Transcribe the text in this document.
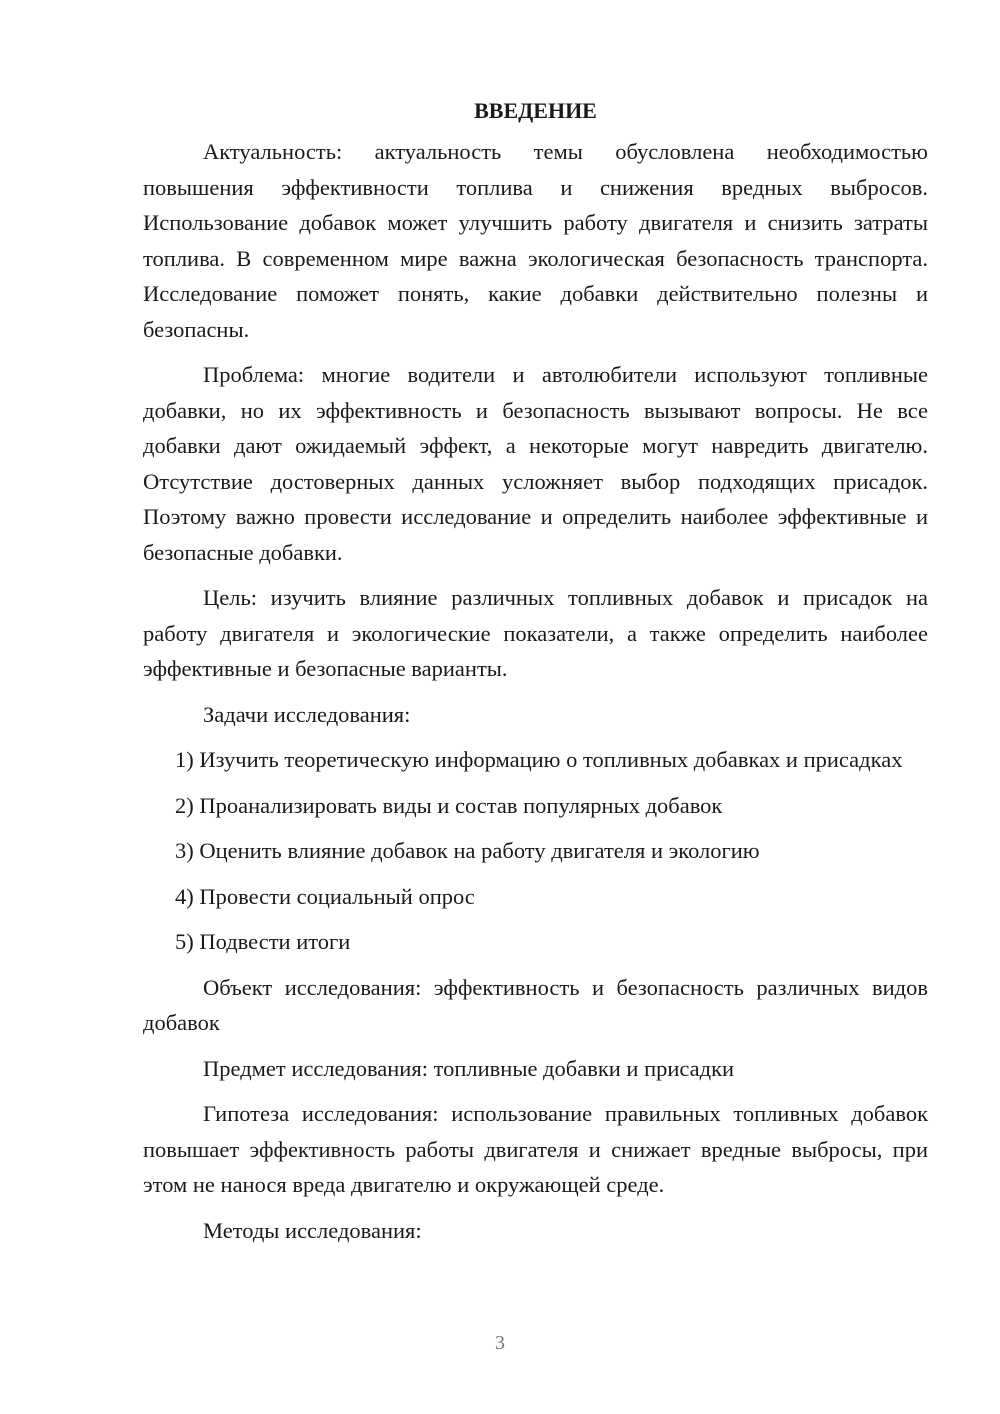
ВВЕДЕНИЕ

Актуальность: актуальность темы обусловлена необходимостью повышения эффективности топлива и снижения вредных выбросов. Использование добавок может улучшить работу двигателя и снизить затраты топлива. В современном мире важна экологическая безопасность транспорта. Исследование поможет понять, какие добавки действительно полезны и безопасны.

Проблема: многие водители и автолюбители используют топливные добавки, но их эффективность и безопасность вызывают вопросы. Не все добавки дают ожидаемый эффект, а некоторые могут навредить двигателю. Отсутствие достоверных данных усложняет выбор подходящих присадок. Поэтому важно провести исследование и определить наиболее эффективные и безопасные добавки.

Цель: изучить влияние различных топливных добавок и присадок на работу двигателя и экологические показатели, а также определить наиболее эффективные и безопасные варианты.

Задачи исследования:

1) Изучить теоретическую информацию о топливных добавках и присадках

2) Проанализировать виды и состав популярных добавок

3) Оценить влияние добавок на работу двигателя и экологию

4) Провести социальный опрос

5) Подвести итоги

Объект исследования: эффективность и безопасность различных видов добавок

Предмет исследования: топливные добавки и присадки

Гипотеза исследования: использование правильных топливных добавок повышает эффективность работы двигателя и снижает вредные выбросы, при этом не нанося вреда двигателю и окружающей среде.

Методы исследования:

3
